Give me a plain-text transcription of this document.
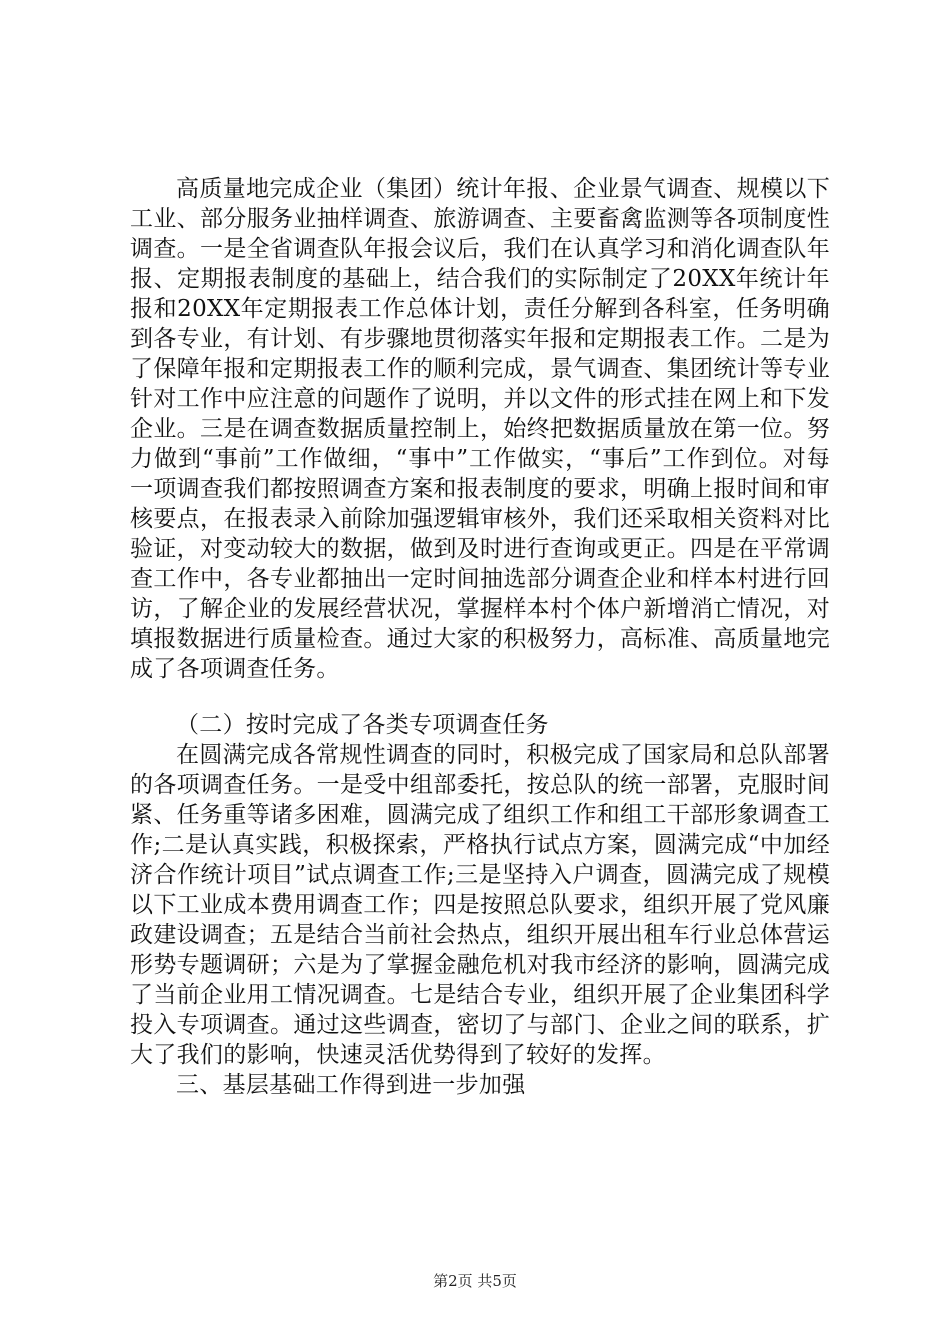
高质量地完成企业（集团）统计年报、企业景气调查、规模以下工业、部分服务业抽样调查、旅游调查、主要畜禽监测等各项制度性调查。一是全省调查队年报会议后，我们在认真学习和消化调查队年报、定期报表制度的基础上，结合我们的实际制定了20XX年统计年报和20XX年定期报表工作总体计划，责任分解到各科室，任务明确到各专业，有计划、有步骤地贯彻落实年报和定期报表工作。二是为了保障年报和定期报表工作的顺利完成，景气调查、集团统计等专业针对工作中应注意的问题作了说明，并以文件的形式挂在网上和下发企业。三是在调查数据质量控制上，始终把数据质量放在第一位。努力做到“事前”工作做细，“事中”工作做实，“事后”工作到位。对每一项调查我们都按照调查方案和报表制度的要求，明确上报时间和审核要点，在报表录入前除加强逻辑审核外，我们还采取相关资料对比验证，对变动较大的数据，做到及时进行查询或更正。四是在平常调查工作中，各专业都抽出一定时间抽选部分调查企业和样本村进行回访，了解企业的发展经营状况，掌握样本村个体户新增消亡情况，对填报数据进行质量检查。通过大家的积极努力，高标准、高质量地完成了各项调查任务。

（二）按时完成了各类专项调查任务

在圆满完成各常规性调查的同时，积极完成了国家局和总队部署的各项调查任务。一是受中组部委托，按总队的统一部署，克服时间紧、任务重等诸多困难，圆满完成了组织工作和组工干部形象调查工作;二是认真实践，积极探索，严格执行试点方案，圆满完成“中加经济合作统计项目”试点调查工作;三是坚持入户调查，圆满完成了规模以下工业成本费用调查工作；四是按照总队要求，组织开展了党风廉政建设调查；五是结合当前社会热点，组织开展出租车行业总体营运形势专题调研；六是为了掌握金融危机对我市经济的影响，圆满完成了当前企业用工情况调查。七是结合专业，组织开展了企业集团科学投入专项调查。通过这些调查，密切了与部门、企业之间的联系，扩大了我们的影响，快速灵活优势得到了较好的发挥。

三、基层基础工作得到进一步加强

第2页 共5页
